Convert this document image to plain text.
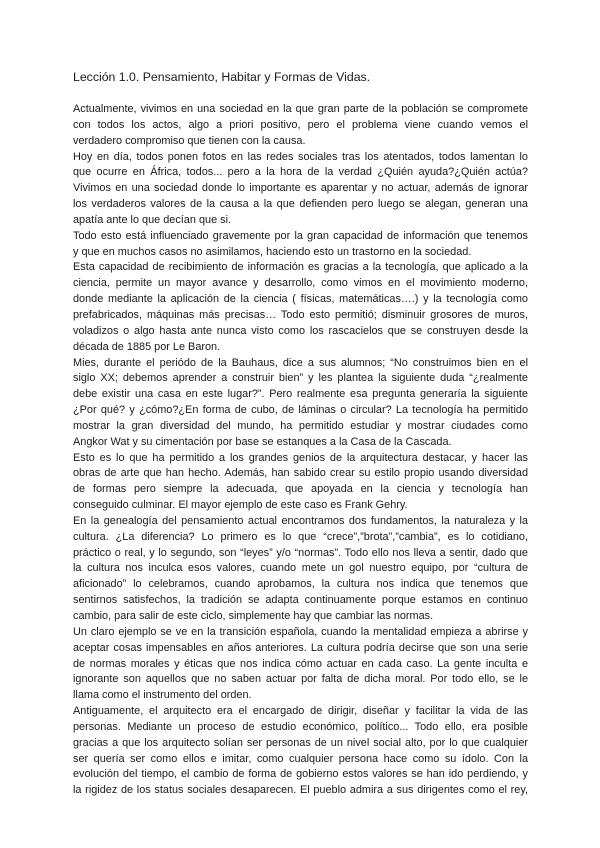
Lección 1.0. Pensamiento, Habitar y Formas de Vidas.
Actualmente, vivimos en una sociedad en la que gran parte de la población se compromete
con todos los actos, algo a priori positivo, pero el problema viene cuando vemos el
verdadero compromiso que tienen con la causa.
Hoy en día, todos ponen fotos en las redes sociales tras los atentados, todos lamentan lo
que ocurre en África, todos... pero a la hora de la verdad ¿Quién ayuda?¿Quién actúa?
Vivimos en una sociedad donde lo importante es aparentar y no actuar, además de ignorar
los verdaderos valores de la causa a la que defienden pero luego se alegan, generan una
apatía ante lo que decían que si.
Todo esto está influenciado gravemente por la gran capacidad de información que tenemos
y que en muchos casos no asimilamos, haciendo esto un trastorno en la sociedad.
Esta capacidad de recibimiento de información es gracias a la tecnología, que aplicado a la
ciencia, permite un mayor avance y desarrollo, como vimos en el movimiento moderno,
donde mediante la aplicación de la ciencia ( físicas, matemáticas….) y la tecnología como
prefabricados, máquinas más precisas… Todo esto permitió; disminuir grosores de muros,
voladizos o algo hasta ante nunca visto como los rascacielos que se construyen desde la
década de 1885 por Le Baron.
Mies, durante el periódo de la Bauhaus, dice a sus alumnos; “No construimos bien en el
siglo XX; debemos aprender a construir bien” y les plantea la siguiente duda “¿realmente
debe existir una casa en este lugar?”. Pero realmente esa pregunta generaría la siguiente
¿Por qué? y ¿cómo?¿En forma de cubo, de láminas o circular? La tecnología ha permitido
mostrar la gran diversidad del mundo, ha permitido estudiar y mostrar ciudades como
Angkor Wat y su cimentación por base se estanques a la Casa de la Cascada.
Esto es lo que ha permitido a los grandes genios de la arquitectura destacar, y hacer las
obras de arte que han hecho. Además, han sabido crear su estilo propio usando diversidad
de formas pero siempre la adecuada, que apoyada en la ciencia y tecnología han
conseguido culminar. El mayor ejemplo de este caso es Frank Gehry.
En la genealogía del pensamiento actual encontramos dos fundamentos, la naturaleza y la
cultura. ¿La diferencia? Lo primero es lo que “crece”,”brota”,”cambia”, es lo cotidiano,
práctico o real, y lo segundo, son “leyes” y/o “normas”. Todo ello nos lleva a sentir, dado que
la cultura nos inculca esos valores, cuando mete un gol nuestro equipo, por “cultura de
aficionado” lo celebramos, cuando aprobamos, la cultura nos indica que tenemos que
sentirnos satisfechos, la tradición se adapta continuamente porque estamos en continuo
cambio, para salir de este ciclo, simplemente hay que cambiar las normas.
Un claro ejemplo se ve en la transición española, cuando la mentalidad empieza a abrirse y
aceptar cosas impensables en años anteriores. La cultura podría decirse que son una serie
de normas morales y éticas que nos indica cómo actuar en cada caso. La gente inculta e
ignorante son aquellos que no saben actuar por falta de dicha moral. Por todo ello, se le
llama como el instrumento del orden.
Antiguamente, el arquitecto era el encargado de dirigir, diseñar y facilitar la vida de las
personas. Mediante un proceso de estudio económico, político... Todo ello, era posible
gracias a que los arquitecto solían ser personas de un nivel social alto, por lo que cualquier
ser quería ser como ellos e imitar, como cualquier persona hace como su ídolo. Con la
evolución del tiempo, el cambio de forma de gobierno estos valores se han ido perdiendo, y
la rigidez de los status sociales desaparecen. El pueblo admira a sus dirigentes como el rey,
